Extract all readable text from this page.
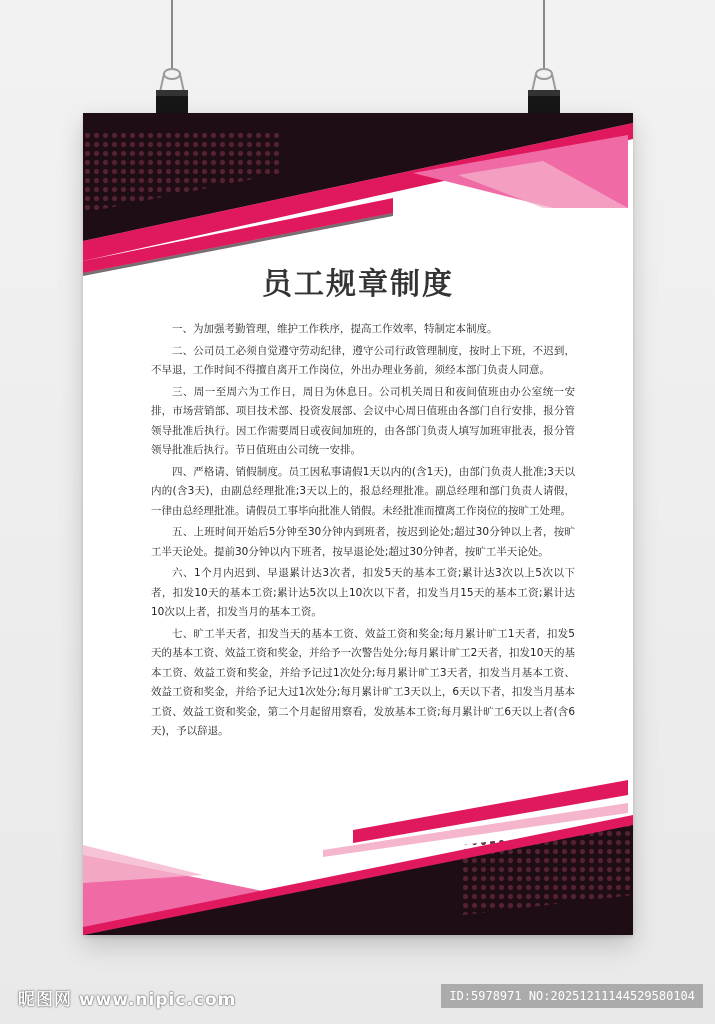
员工规章制度

一、为加强考勤管理，维护工作秩序，提高工作效率，特制定本制度。

二、公司员工必须自觉遵守劳动纪律，遵守公司行政管理制度，按时上下班，不迟到，不早退，工作时间不得擅自离开工作岗位，外出办理业务前，须经本部门负责人同意。

三、周一至周六为工作日，周日为休息日。公司机关周日和夜间值班由办公室统一安排，市场营销部、项目技术部、投资发展部、会议中心周日值班由各部门自行安排，报分管领导批准后执行。因工作需要周日或夜间加班的，由各部门负责人填写加班审批表，报分管领导批准后执行。节日值班由公司统一安排。

四、严格请、销假制度。员工因私事请假1天以内的(含1天)，由部门负责人批准;3天以内的(含3天)，由副总经理批准;3天以上的，报总经理批准。副总经理和部门负责人请假，一律由总经理批准。请假员工事毕向批准人销假。未经批准而擅离工作岗位的按旷工处理。

五、上班时间开始后5分钟至30分钟内到班者，按迟到论处;超过30分钟以上者，按旷工半天论处。提前30分钟以内下班者，按早退论处;超过30分钟者，按旷工半天论处。

六、1个月内迟到、早退累计达3次者，扣发5天的基本工资;累计达3次以上5次以下者，扣发10天的基本工资;累计达5次以上10次以下者，扣发当月15天的基本工资;累计达10次以上者，扣发当月的基本工资。

七、旷工半天者，扣发当天的基本工资、效益工资和奖金;每月累计旷工1天者，扣发5天的基本工资、效益工资和奖金，并给予一次警告处分;每月累计旷工2天者，扣发10天的基本工资、效益工资和奖金，并给予记过1次处分;每月累计旷工3天者，扣发当月基本工资、效益工资和奖金，并给予记大过1次处分;每月累计旷工3天以上，6天以下者，扣发当月基本工资、效益工资和奖金，第二个月起留用察看，发放基本工资;每月累计旷工6天以上者(含6天)，予以辞退。

昵图网 www.nipic.com	ID:5978971 NO:20251211144529580104
